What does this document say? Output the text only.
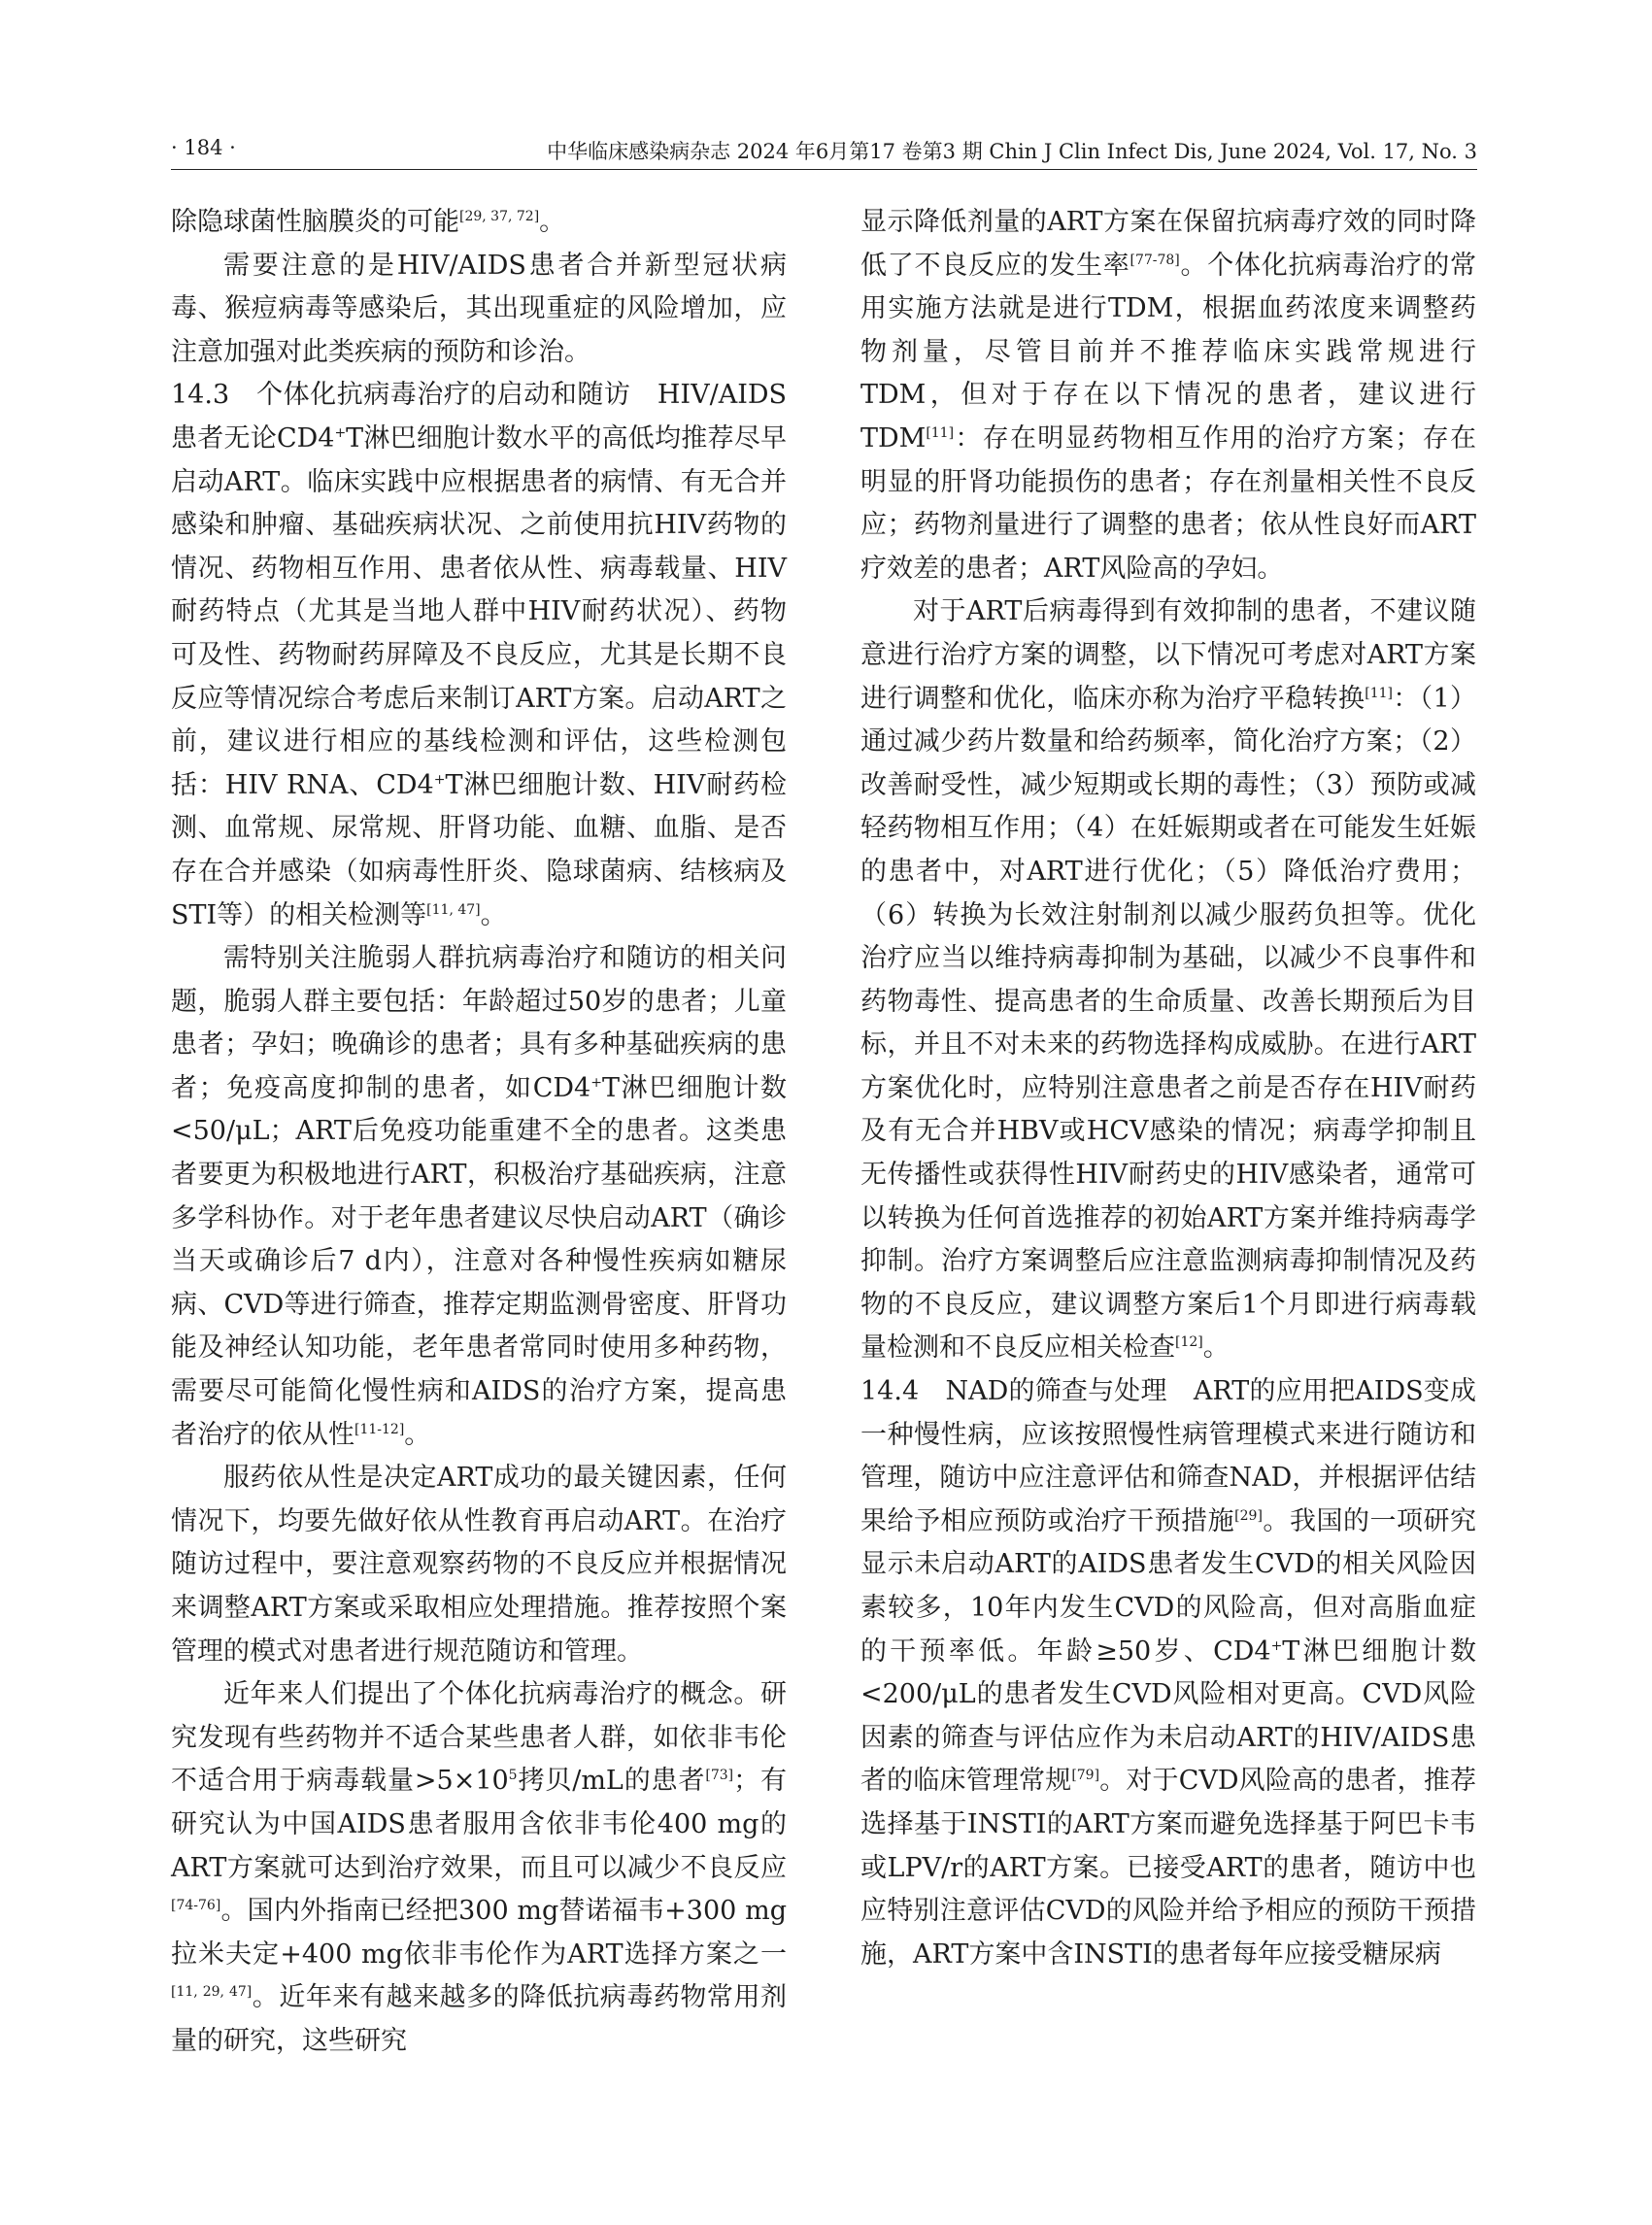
· 184 ·	中华临床感染病杂志 2024 年6月第17 卷第3 期 Chin J Clin Infect Dis, June 2024, Vol. 17, No. 3

除隐球菌性脑膜炎的可能[29, 37, 72]。

需要注意的是HIV/AIDS患者合并新型冠状病毒、猴痘病毒等感染后，其出现重症的风险增加，应注意加强对此类疾病的预防和诊治。

14.3　 个体化抗病毒治疗的启动和随访　 HIV/AIDS患者无论CD4+T淋巴细胞计数水平的高低均推荐尽早启动ART。临床实践中应根据患者的病情、有无合并感染和肿瘤、基础疾病状况、之前使用抗HIV药物的情况、药物相互作用、患者依从性、病毒载量、HIV耐药特点（尤其是当地人群中HIV耐药状况）、药物可及性、药物耐药屏障及不良反应，尤其是长期不良反应等情况综合考虑后来制订ART方案。启动ART之前，建议进行相应的基线检测和评估，这些检测包括：HIV RNA、CD4+T淋巴细胞计数、HIV耐药检测、血常规、尿常规、肝肾功能、血糖、血脂、是否存在合并感染（如病毒性肝炎、隐球菌病、结核病及STI等）的相关检测等[11, 47]。

需特别关注脆弱人群抗病毒治疗和随访的相关问题，脆弱人群主要包括：年龄超过50岁的患者；儿童患者；孕妇；晚确诊的患者；具有多种基础疾病的患者；免疫高度抑制的患者，如CD4+T淋巴细胞计数<50/μL；ART后免疫功能重建不全的患者。这类患者要更为积极地进行ART，积极治疗基础疾病，注意多学科协作。对于老年患者建议尽快启动ART（确诊当天或确诊后7 d内），注意对各种慢性疾病如糖尿病、CVD等进行筛查，推荐定期监测骨密度、肝肾功能及神经认知功能，老年患者常同时使用多种药物，需要尽可能简化慢性病和AIDS的治疗方案，提高患者治疗的依从性[11-12]。

服药依从性是决定ART成功的最关键因素，任何情况下，均要先做好依从性教育再启动ART。在治疗随访过程中，要注意观察药物的不良反应并根据情况来调整ART方案或采取相应处理措施。推荐按照个案管理的模式对患者进行规范随访和管理。

近年来人们提出了个体化抗病毒治疗的概念。研究发现有些药物并不适合某些患者人群，如依非韦伦不适合用于病毒载量$>5\times 10^5$拷贝/mL的患者[73]；有研究认为中国AIDS患者服用含依非韦伦400 mg的ART方案就可达到治疗效果，而且可以减少不良反应[74-76]。国内外指南已经把300 mg替诺福韦+300 mg拉米夫定+400 mg依非韦伦作为ART选择方案之一[11, 29, 47]。近年来有越来越多的降低抗病毒药物常用剂量的研究，这些研究

显示降低剂量的ART方案在保留抗病毒疗效的同时降低了不良反应的发生率[77-78]。个体化抗病毒治疗的常用实施方法就是进行TDM，根据血药浓度来调整药物剂量，尽管目前并不推荐临床实践常规进行TDM，但对于存在以下情况的患者，建议进行TDM[11]：存在明显药物相互作用的治疗方案；存在明显的肝肾功能损伤的患者；存在剂量相关性不良反应；药物剂量进行了调整的患者；依从性良好而ART疗效差的患者；ART风险高的孕妇。

对于ART后病毒得到有效抑制的患者，不建议随意进行治疗方案的调整，以下情况可考虑对ART方案进行调整和优化，临床亦称为治疗平稳转换[11]：（1）通过减少药片数量和给药频率，简化治疗方案；（2）改善耐受性，减少短期或长期的毒性；（3）预防或减轻药物相互作用；（4）在妊娠期或者在可能发生妊娠的患者中，对ART进行优化；（5）降低治疗费用；（6）转换为长效注射制剂以减少服药负担等。优化治疗应当以维持病毒抑制为基础，以减少不良事件和药物毒性、提高患者的生命质量、改善长期预后为目标，并且不对未来的药物选择构成威胁。在进行ART方案优化时，应特别注意患者之前是否存在HIV耐药及有无合并HBV或HCV感染的情况；病毒学抑制且无传播性或获得性HIV耐药史的HIV感染者，通常可以转换为任何首选推荐的初始ART方案并维持病毒学抑制。治疗方案调整后应注意监测病毒抑制情况及药物的不良反应，建议调整方案后1个月即进行病毒载量检测和不良反应相关检查[12]。

14.4　 NAD的筛查与处理　 ART的应用把AIDS变成一种慢性病，应该按照慢性病管理模式来进行随访和管理，随访中应注意评估和筛查NAD，并根据评估结果给予相应预防或治疗干预措施[29]。我国的一项研究显示未启动ART的AIDS患者发生CVD的相关风险因素较多，10年内发生CVD的风险高，但对高脂血症的干预率低。年龄≥50岁、CD4+T淋巴细胞计数<200/μL的患者发生CVD风险相对更高。CVD风险因素的筛查与评估应作为未启动ART的HIV/AIDS患者的临床管理常规[79]。对于CVD风险高的患者，推荐选择基于INSTI的ART方案而避免选择基于阿巴卡韦或LPV/r的ART方案。已接受ART的患者，随访中也应特别注意评估CVD的风险并给予相应的预防干预措施，ART方案中含INSTI的患者每年应接受糖尿病
